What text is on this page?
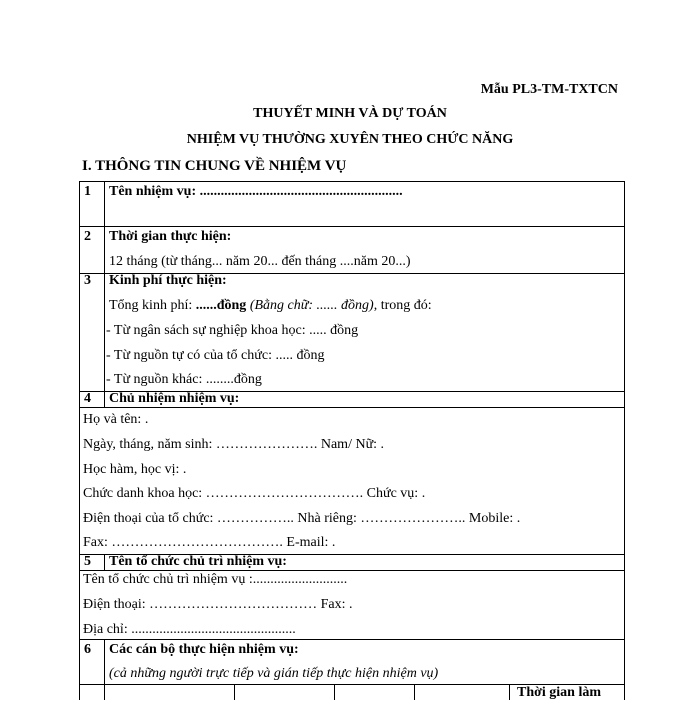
Mẫu PL3-TM-TXTCN
THUYẾT MINH VÀ DỰ TOÁN
NHIỆM VỤ THƯỜNG XUYÊN THEO CHỨC NĂNG
I. THÔNG TIN CHUNG VỀ NHIỆM VỤ
1 Tên nhiệm vụ: ..........................................................
2 Thời gian thực hiện:
12 tháng (từ tháng... năm 20... đến tháng ....năm 20...)
3 Kinh phí thực hiện:
Tổng kinh phí: ......đồng (Bằng chữ: ...... đồng), trong đó:
- Từ ngân sách sự nghiệp khoa học: ..... đồng
- Từ nguồn tự có của tổ chức: ..... đồng
- Từ nguồn khác: ........đồng
4 Chủ nhiệm nhiệm vụ:
Họ và tên: .
Ngày, tháng, năm sinh: …………………. Nam/ Nữ: .
Học hàm, học vị: .
Chức danh khoa học: ……………………………. Chức vụ: .
Điện thoại của tổ chức: …………….. Nhà riêng: ………………….. Mobile: .
Fax: ………………………………. E-mail: .
5 Tên tổ chức chủ trì nhiệm vụ:
Tên tổ chức chủ trì nhiệm vụ :...........................
Điện thoại: ……………………………… Fax: .
Địa chỉ: ...............................................
6 Các cán bộ thực hiện nhiệm vụ:
(cả những người trực tiếp và gián tiếp thực hiện nhiệm vụ)
Thời gian làm
